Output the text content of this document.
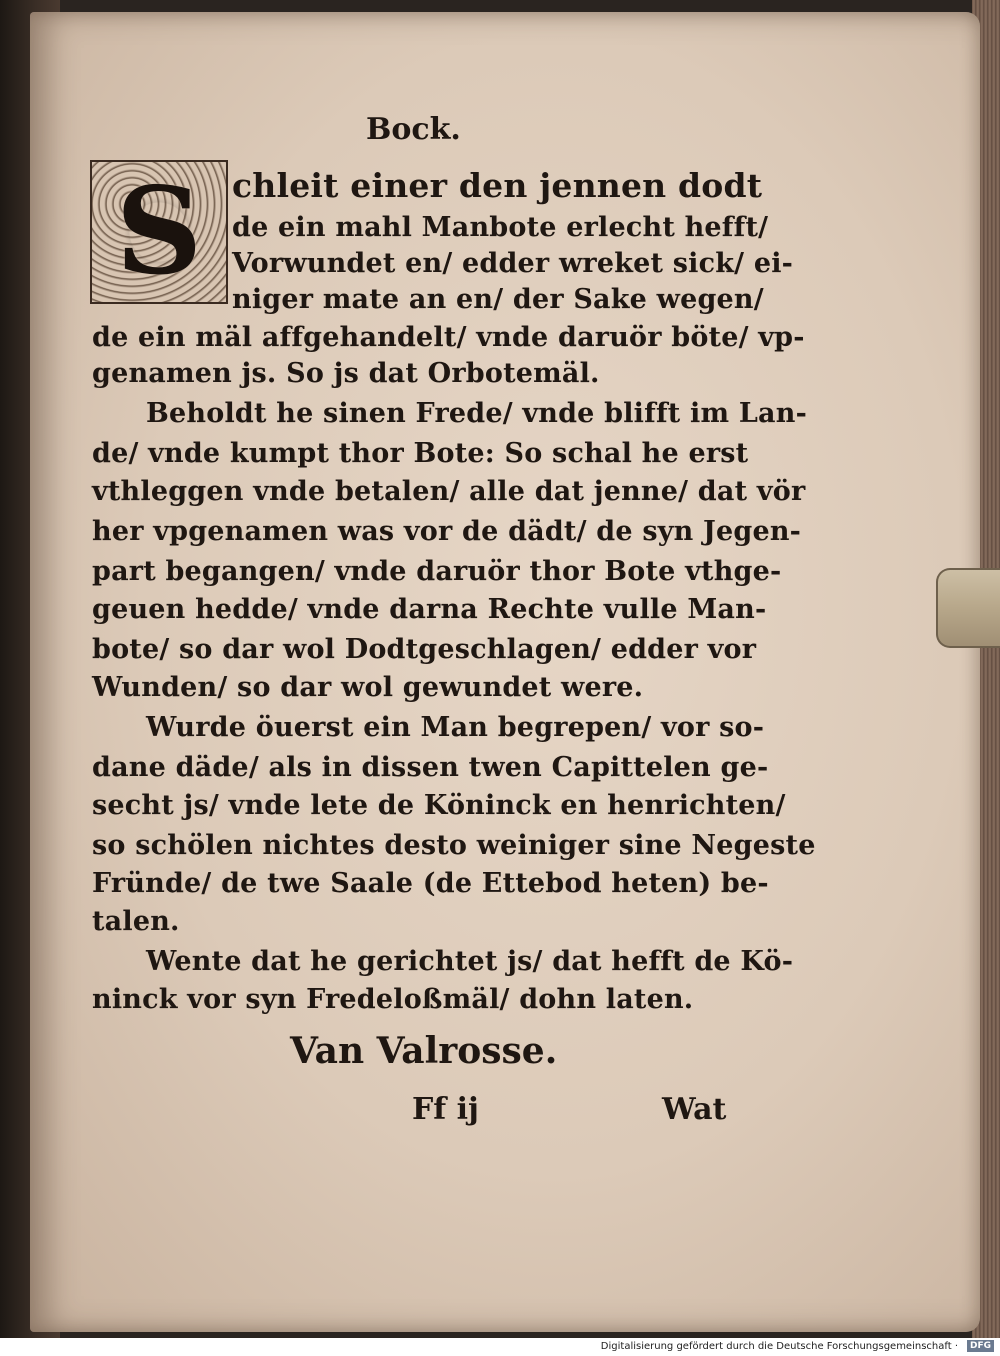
Bock.
S chleit einer den jennen dodt
de ein mahl Manbote erlecht hefft/
Vorwundet en/ edder wreket sick/ ei-
niger mate an en/ der Sake wegen/
de ein mäl affgehandelt/ vnde daruör böte/ vp-
genamen js. So js dat Orbotemäl.
Beholdt he sinen Frede/ vnde blifft im Lan-
de/ vnde kumpt thor Bote: So schal he erst
vthleggen vnde betalen/ alle dat jenne/ dat vör
her vpgenamen was vor de dädt/ de syn Jegen-
part begangen/ vnde daruör thor Bote vthge-
geuen hedde/ vnde darna Rechte vulle Man-
bote/ so dar wol Dodtgeschlagen/ edder vor
Wunden/ so dar wol gewundet were.
Wurde öuerst ein Man begrepen/ vor so-
dane däde/ als in dissen twen Capittelen ge-
secht js/ vnde lete de Köninck en henrichten/
so schölen nichtes desto weiniger sine Negeste
Fründe/ de twe Saale (de Ettebod heten) be-
talen.
Wente dat he gerichtet js/ dat hefft de Kö-
ninck vor syn Fredeloßmäl/ dohn laten.
Van Valrosse.
Ff ij	Wat
Digitalisierung gefördert durch die Deutsche Forschungsgemeinschaft ·	DFG
